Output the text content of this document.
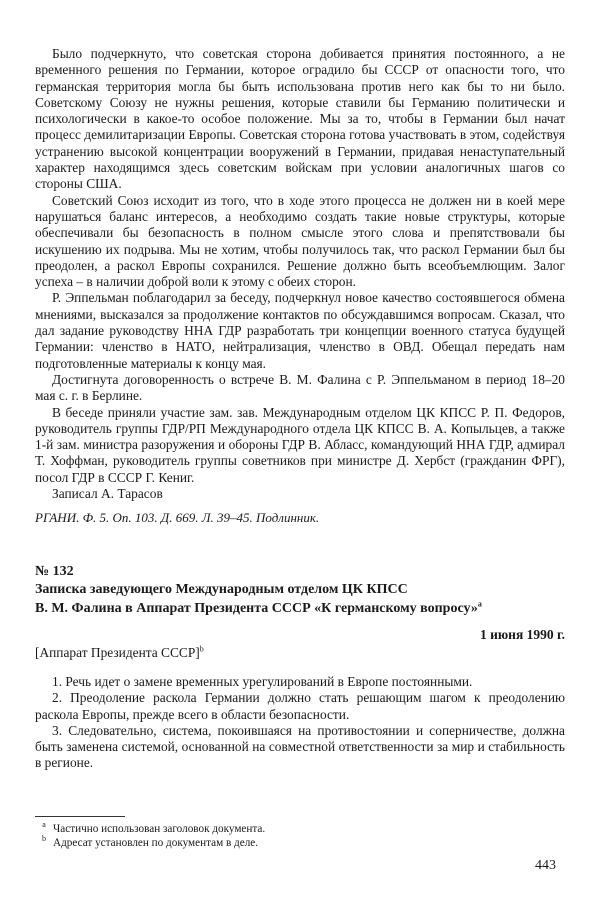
Было подчеркнуто, что советская сторона добивается принятия постоянного, а не временного решения по Германии, которое оградило бы СССР от опасности того, что германская территория могла бы быть использована против него как бы то ни было. Советскому Союзу не нужны решения, которые ставили бы Германию политически и психологически в какое-то особое положение. Мы за то, чтобы в Германии был начат процесс демилитаризации Европы. Советская сторона готова участвовать в этом, содействуя устранению высокой концентрации вооружений в Германии, придавая ненаступательный характер находящимся здесь советским войскам при условии аналогичных шагов со стороны США.

Советский Союз исходит из того, что в ходе этого процесса не должен ни в коей мере нарушаться баланс интересов, а необходимо создать такие новые структуры, которые обеспечивали бы безопасность в полном смысле этого слова и препятствовали бы искушению их подрыва. Мы не хотим, чтобы получилось так, что раскол Германии был бы преодолен, а раскол Европы сохранился. Решение должно быть всеобъемлющим. Залог успеха – в наличии доброй воли к этому с обеих сторон.

Р. Эппельман поблагодарил за беседу, подчеркнул новое качество состоявшегося обмена мнениями, высказался за продолжение контактов по обсуждавшимся вопросам. Сказал, что дал задание руководству ННА ГДР разработать три концепции военного статуса будущей Германии: членство в НАТО, нейтрализация, членство в ОВД. Обещал передать нам подготовленные материалы к концу мая.

Достигнута договоренность о встрече В. М. Фалина с Р. Эппельманом в период 18–20 мая с. г. в Берлине.

В беседе приняли участие зам. зав. Международным отделом ЦК КПСС Р. П. Федоров, руководитель группы ГДР/РП Международного отдела ЦК КПСС В. А. Копыльцев, а также 1-й зам. министра разоружения и обороны ГДР В. Абласс, командующий ННА ГДР, адмирал Т. Хоффман, руководитель группы советников при министре Д. Хербст (гражданин ФРГ), посол ГДР в СССР Г. Кениг.

Записал А. Тарасов

РГАНИ. Ф. 5. Оп. 103. Д. 669. Л. 39–45. Подлинник.

№ 132

Записка заведующего Международным отделом ЦК КПСС

В. М. Фалина в Аппарат Президента СССР «К германскому вопросу»$^а$

1 июня 1990 г.

[Аппарат Президента СССР]$^b$

1. Речь идет о замене временных урегулирований в Европе постоянными.

2. Преодоление раскола Германии должно стать решающим шагом к преодолению раскола Европы, прежде всего в области безопасности.

3. Следовательно, система, покоившаяся на противостоянии и соперничестве, должна быть заменена системой, основанной на совместной ответственности за мир и стабильность в регионе.

a Частично использован заголовок документа.

b Адресат установлен по документам в деле.

443
